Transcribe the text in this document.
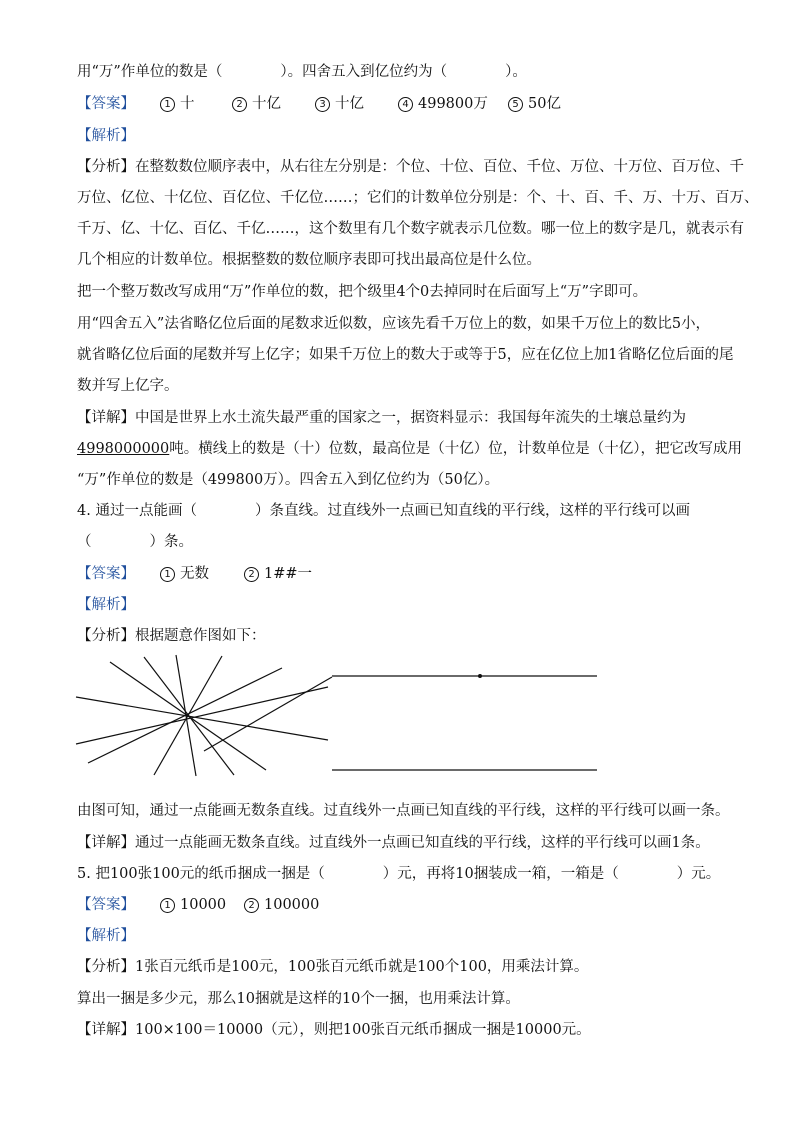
用“万”作单位的数是（　　　　）。四舍五入到亿位约为（　　　　）。
【答案】	1 十	2 十亿	3 十亿	4 499800万	5 50亿
【解析】
【分析】在整数数位顺序表中，从右往左分别是：个位、十位、百位、千位、万位、十万位、百万位、千
万位、亿位、十亿位、百亿位、千亿位……；它们的计数单位分别是：个、十、百、千、万、十万、百万、
千万、亿、十亿、百亿、千亿……，这个数里有几个数字就表示几位数。哪一位上的数字是几，就表示有
几个相应的计数单位。根据整数的数位顺序表即可找出最高位是什么位。
把一个整万数改写成用“万”作单位的数，把个级里4个0去掉同时在后面写上“万”字即可。
用“四舍五入”法省略亿位后面的尾数求近似数，应该先看千万位上的数，如果千万位上的数比5小，
就省略亿位后面的尾数并写上亿字；如果千万位上的数大于或等于5，应在亿位上加1省略亿位后面的尾
数并写上亿字。
【详解】中国是世界上水土流失最严重的国家之一，据资料显示：我国每年流失的土壤总量约为
4998000000吨。横线上的数是（十）位数，最高位是（十亿）位，计数单位是（十亿），把它改写成用
“万”作单位的数是（499800万）。四舍五入到亿位约为（50亿）。
4. 通过一点能画（　　　　）条直线。过直线外一点画已知直线的平行线，这样的平行线可以画
（　　　　）条。
【答案】	1 无数	2 1##一
【解析】
【分析】根据题意作图如下：
由图可知，通过一点能画无数条直线。过直线外一点画已知直线的平行线，这样的平行线可以画一条。
【详解】通过一点能画无数条直线。过直线外一点画已知直线的平行线，这样的平行线可以画1条。
5. 把100张100元的纸币捆成一捆是（　　　　）元，再将10捆装成一箱，一箱是（　　　　）元。
【答案】	1 10000	2 100000
【解析】
【分析】1张百元纸币是100元，100张百元纸币就是100个100，用乘法计算。
算出一捆是多少元，那么10捆就是这样的10个一捆，也用乘法计算。
【详解】100×100＝10000（元），则把100张百元纸币捆成一捆是10000元。
